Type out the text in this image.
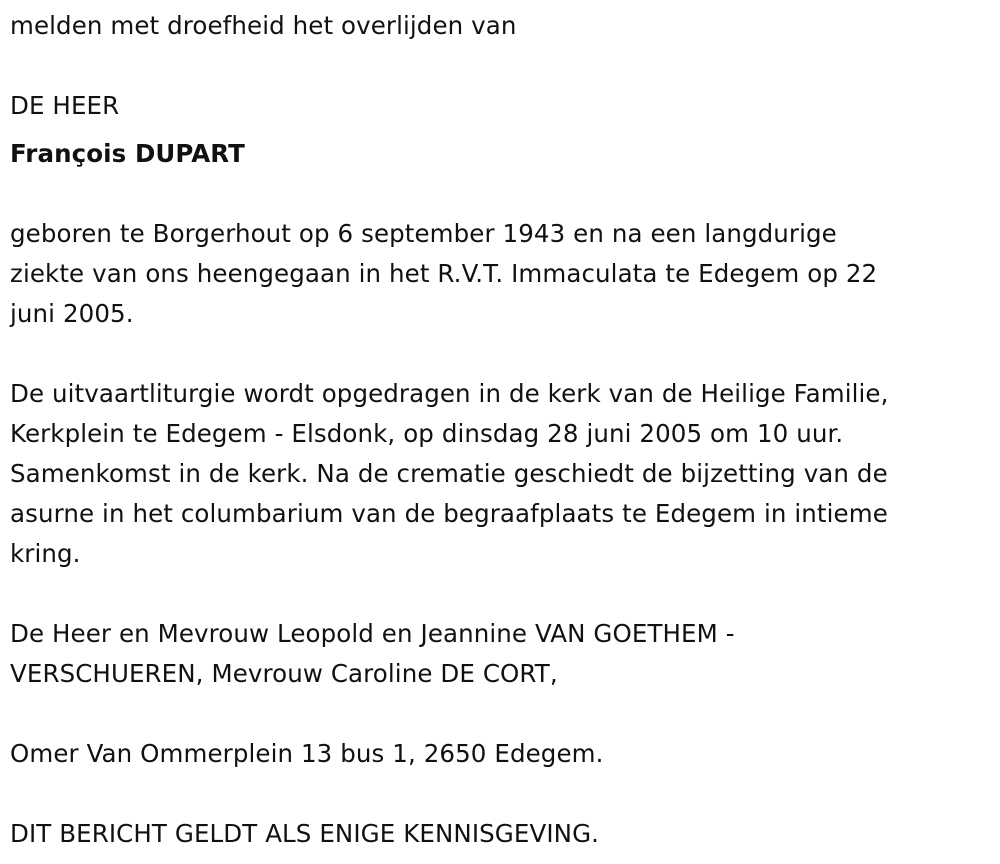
melden met droefheid het overlijden van

DE HEER

François DUPART

geboren te Borgerhout op 6 september 1943 en na een langdurige
ziekte van ons heengegaan in het R.V.T. Immaculata te Edegem op 22
juni 2005.

De uitvaartliturgie wordt opgedragen in de kerk van de Heilige Familie,
Kerkplein te Edegem - Elsdonk, op dinsdag 28 juni 2005 om 10 uur.
Samenkomst in de kerk. Na de crematie geschiedt de bijzetting van de
asurne in het columbarium van de begraafplaats te Edegem in intieme
kring.

De Heer en Mevrouw Leopold en Jeannine VAN GOETHEM -
VERSCHUEREN, Mevrouw Caroline DE CORT,

Omer Van Ommerplein 13 bus 1, 2650 Edegem.

DIT BERICHT GELDT ALS ENIGE KENNISGEVING.
